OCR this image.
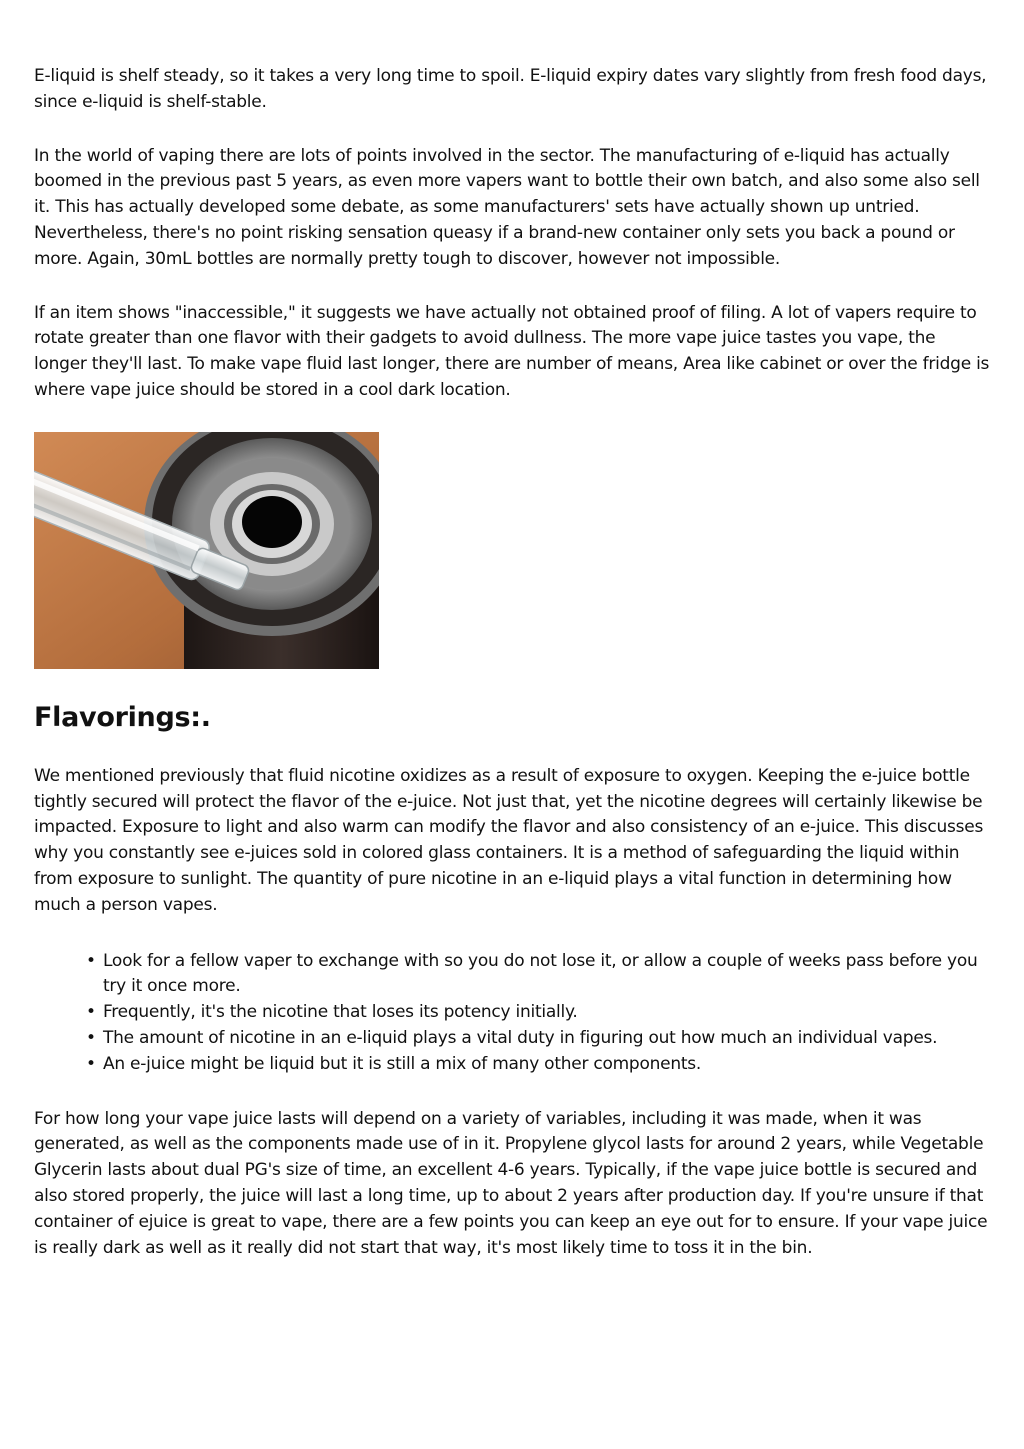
E-liquid is shelf steady, so it takes a very long time to spoil. E-liquid expiry dates vary slightly from fresh food days, since e-liquid is shelf-stable.

In the world of vaping there are lots of points involved in the sector. The manufacturing of e-liquid has actually boomed in the previous past 5 years, as even more vapers want to bottle their own batch, and also some also sell it. This has actually developed some debate, as some manufacturers' sets have actually shown up untried. Nevertheless, there's no point risking sensation queasy if a brand-new container only sets you back a pound or more. Again, 30mL bottles are normally pretty tough to discover, however not impossible.

If an item shows "inaccessible," it suggests we have actually not obtained proof of filing. A lot of vapers require to rotate greater than one flavor with their gadgets to avoid dullness. The more vape juice tastes you vape, the longer they'll last. To make vape fluid last longer, there are number of means, Area like cabinet or over the fridge is where vape juice should be stored in a cool dark location.

Flavorings:.

We mentioned previously that fluid nicotine oxidizes as a result of exposure to oxygen. Keeping the e-juice bottle tightly secured will protect the flavor of the e-juice. Not just that, yet the nicotine degrees will certainly likewise be impacted. Exposure to light and also warm can modify the flavor and also consistency of an e-juice. This discusses why you constantly see e-juices sold in colored glass containers. It is a method of safeguarding the liquid within from exposure to sunlight. The quantity of pure nicotine in an e-liquid plays a vital function in determining how much a person vapes.

• Look for a fellow vaper to exchange with so you do not lose it, or allow a couple of weeks pass before you try it once more.
• Frequently, it's the nicotine that loses its potency initially.
• The amount of nicotine in an e-liquid plays a vital duty in figuring out how much an individual vapes.
• An e-juice might be liquid but it is still a mix of many other components.

For how long your vape juice lasts will depend on a variety of variables, including it was made, when it was generated, as well as the components made use of in it. Propylene glycol lasts for around 2 years, while Vegetable Glycerin lasts about dual PG's size of time, an excellent 4-6 years. Typically, if the vape juice bottle is secured and also stored properly, the juice will last a long time, up to about 2 years after production day. If you're unsure if that container of ejuice is great to vape, there are a few points you can keep an eye out for to ensure. If your vape juice is really dark as well as it really did not start that way, it's most likely time to toss it in the bin.
